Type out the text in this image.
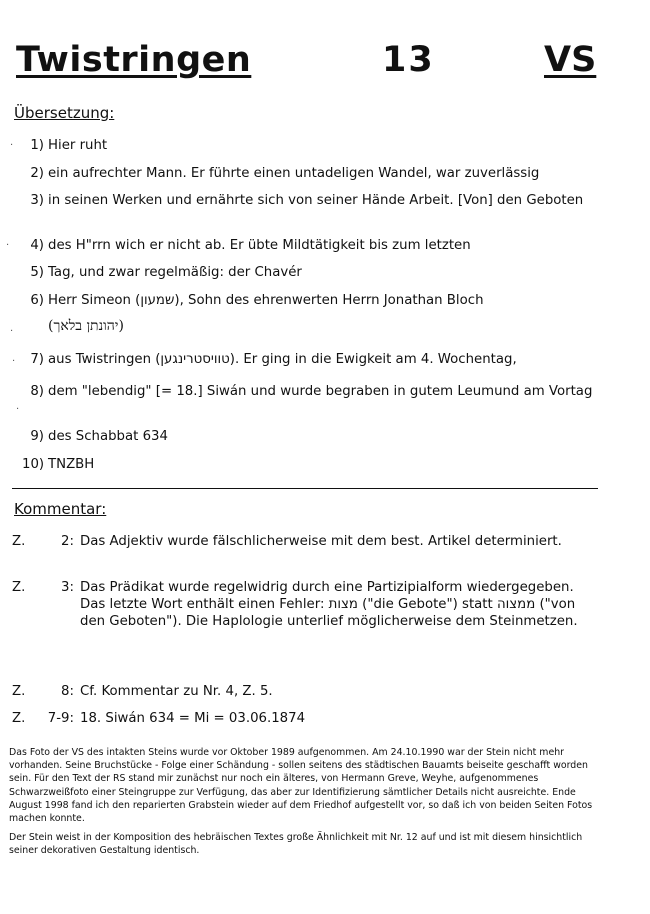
Twistringen	13	VS
Übersetzung:
1) Hier ruht
2) ein aufrechter Mann. Er führte einen untadeligen Wandel, war zuverlässig
3) in seinen Werken und ernährte sich von seiner Hände Arbeit. [Von] den Geboten
4) des H"rrn wich er nicht ab. Er übte Mildtätigkeit bis zum letzten
5) Tag, und zwar regelmäßig: der Chavér
6) Herr Simeon (שמעון), Sohn des ehrenwerten Herrn Jonathan Bloch
(יהונתן בלאך)
7) aus Twistringen (טוויסטרינגען). Er ging in die Ewigkeit am 4. Wochentag,
8) dem "lebendig" [= 18.] Siwán und wurde begraben in gutem Leumund am Vortag
9) des Schabbat 634
10) TNZBH
Kommentar:
Z.	2: Das Adjektiv wurde fälschlicherweise mit dem best. Artikel determiniert.

Z.	3: Das Prädikat wurde regelwidrig durch eine Partizipialform wiedergegeben.

Das letzte Wort enthält einen Fehler: מצות ("die Gebote") statt ממצוה ("von den Geboten"). Die Haplologie unterlief möglicherweise dem Steinmetzen.

Z.	8: Cf. Kommentar zu Nr. 4, Z. 5.

Z.	7-9: 18. Siwán 634 = Mi = 03.06.1874

Das Foto der VS des intakten Steins wurde vor Oktober 1989 aufgenommen. Am 24.10.1990 war der Stein nicht mehr vorhanden. Seine Bruchstücke - Folge einer Schändung - sollen seitens des städtischen Bauamts beiseite geschafft worden sein. Für den Text der RS stand mir zunächst nur noch ein älteres, von Hermann Greve, Weyhe, aufgenommenes Schwarzweißfoto einer Steingruppe zur Verfügung, das aber zur Identifizierung sämtlicher Details nicht ausreichte. Ende August 1998 fand ich den reparierten Grabstein wieder auf dem Friedhof aufgestellt vor, so daß ich von beiden Seiten Fotos machen konnte.

Der Stein weist in der Komposition des hebräischen Textes große Ähnlichkeit mit Nr. 12 auf und ist mit diesem hinsichtlich seiner dekorativen Gestaltung identisch.

·
·
·
·
·
